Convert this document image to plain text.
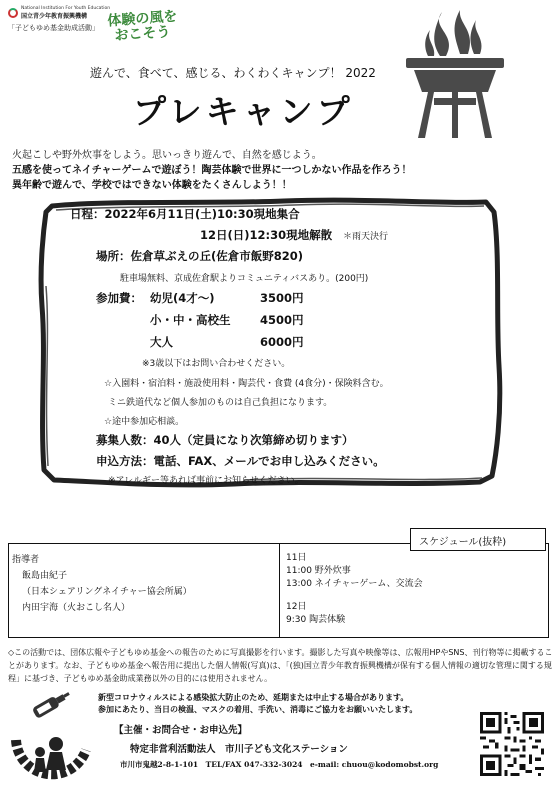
National Institution For Youth Education
国立青少年教育振興機構
「子どもゆめ基金助成活動」 体験の風を
おこそう
遊んで、食べて、感じる、わくわくキャンプ！ 2022
プレキャンプ
火起こしや野外炊事をしよう。思いっきり遊んで、自然を感じよう。
五感を使ってネイチャーゲームで遊ぼう！陶芸体験で世界に一つしかない作品を作ろう！
異年齢で遊んで、学校ではできない体験をたくさんしよう！！
日程：2022年6月11日(土)10:30現地集合
12日(日)12:30現地解散 ＊雨天決行
場所：佐倉草ぶえの丘(佐倉市飯野820)
駐車場無料、京成佐倉駅よりコミュニティバスあり。(200円)
参加費： 幼児(4才～)	3500円
小・中・高校生	4500円
大人	6000円
※3歳以下はお問い合わせください。
☆入園料・宿泊料・施設使用料・陶芸代・食費 (4食分)・保険料含む。
ミニ鉄道代など個人参加のものは自己負担になります。
☆途中参加応相談。
募集人数：40人（定員になり次第締め切ります）
申込方法：電話、FAX、メールでお申し込みください。
※アレルギー等あれば事前にお知らせください。
スケジュール(抜粋)
指導者
飯島由紀子
（日本シェアリングネイチャー協会所属）
内田宇海（火おこし名人）
11日
11:00 野外炊事
13:00 ネイチャーゲーム、交流会
12日
9:30 陶芸体験
◇この活動では、団体広報や子どもゆめ基金への報告のために写真撮影を行います。撮影した写真や映像等は、広報用HPやSNS、刊行物等に掲載することがあります。なお、子どもゆめ基金へ報告用に提出した個人情報(写真)は、「(独)国立青少年教育振興機構が保有する個人情報の適切な管理に関する規程」に基づき、子どもゆめ基金助成業務以外の目的には使用されません。
新型コロナウィルスによる感染拡大防止のため、延期または中止する場合があります。
参加にあたり、当日の検温、マスクの着用、手洗い、消毒にご協力をお願いいたします。
【主催・お問合せ・お申込先】
特定非営利活動法人　市川子ども文化ステーション
市川市鬼越2-8-1-101　TEL/FAX 047-332-3024　e-mail: chuou@kodomobst.org
